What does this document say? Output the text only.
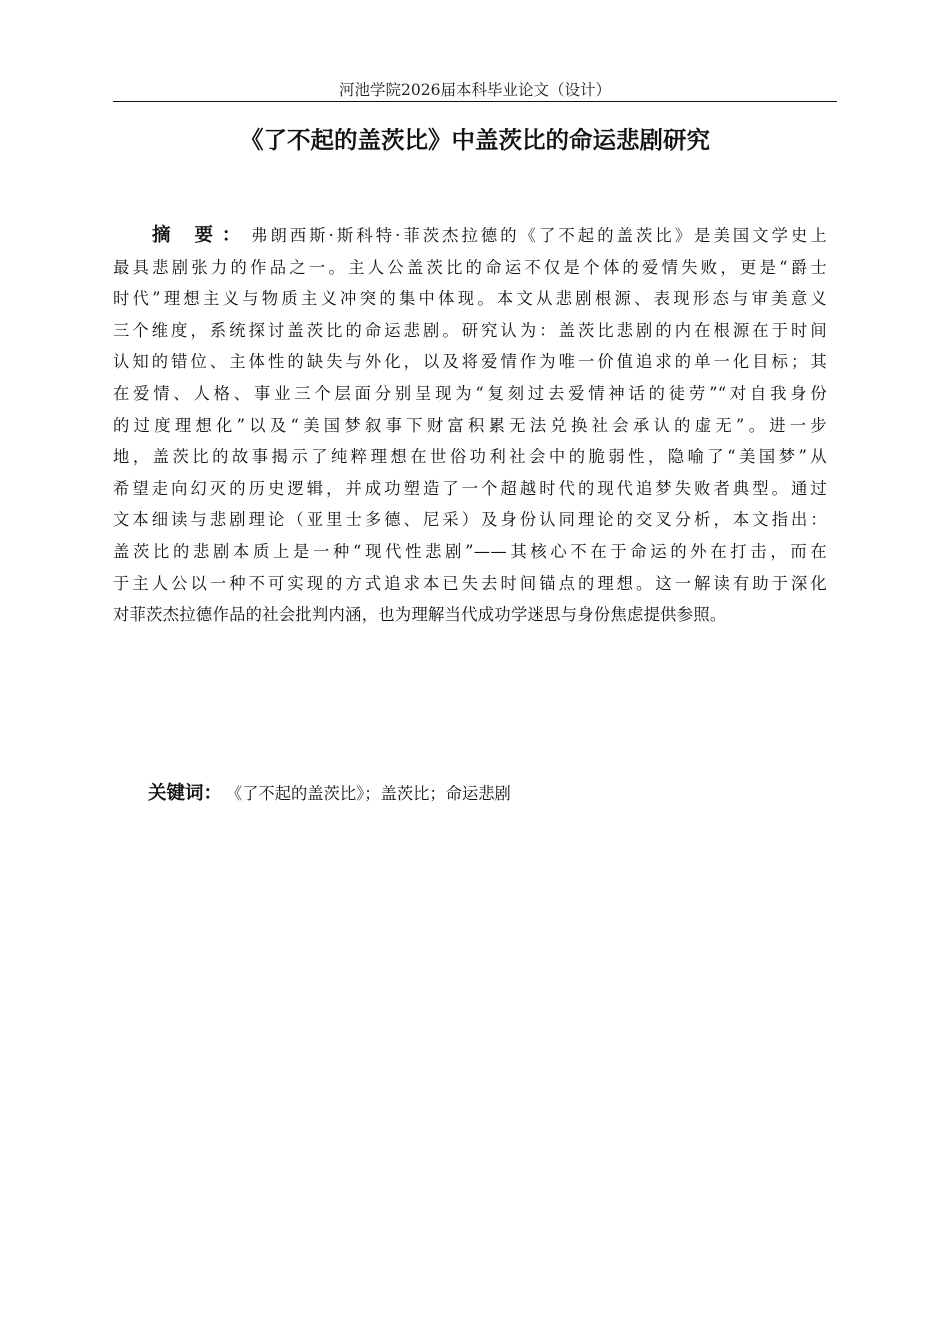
河池学院2026届本科毕业论文（设计）
《了不起的盖茨比》中盖茨比的命运悲剧研究
摘 要： 弗朗西斯·斯科特·菲茨杰拉德的《了不起的盖茨比》是美国文学史上
最具悲剧张力的作品之一。主人公盖茨比的命运不仅是个体的爱情失败，更是“爵士
时代”理想主义与物质主义冲突的集中体现。本文从悲剧根源、表现形态与审美意义
三个维度，系统探讨盖茨比的命运悲剧。研究认为：盖茨比悲剧的内在根源在于时间
认知的错位、主体性的缺失与外化，以及将爱情作为唯一价值追求的单一化目标；其
在爱情、人格、事业三个层面分别呈现为“复刻过去爱情神话的徒劳”“对自我身份
的过度理想化”以及“美国梦叙事下财富积累无法兑换社会承认的虚无”。进一步
地，盖茨比的故事揭示了纯粹理想在世俗功利社会中的脆弱性，隐喻了“美国梦”从
希望走向幻灭的历史逻辑，并成功塑造了一个超越时代的现代追梦失败者典型。通过
文本细读与悲剧理论（亚里士多德、尼采）及身份认同理论的交叉分析，本文指出：
盖茨比的悲剧本质上是一种“现代性悲剧”——其核心不在于命运的外在打击，而在
于主人公以一种不可实现的方式追求本已失去时间锚点的理想。这一解读有助于深化
对菲茨杰拉德作品的社会批判内涵，也为理解当代成功学迷思与身份焦虑提供参照。
关键词： 《了不起的盖茨比》；盖茨比；命运悲剧
